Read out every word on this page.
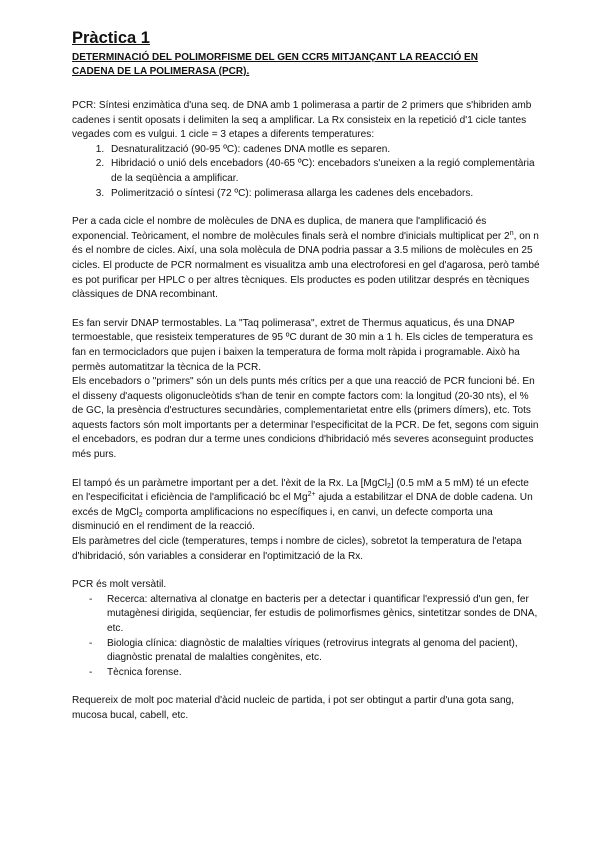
Pràctica 1
DETERMINACIÓ DEL POLIMORFISME DEL GEN CCR5 MITJANÇANT LA REACCIÓ EN
CADENA DE LA POLIMERASA (PCR).

PCR: Síntesi enzimàtica d'una seq. de DNA amb 1 polimerasa a partir de 2 primers que s'hibriden amb cadenes i sentit oposats i delimiten la seq a amplificar. La Rx consisteix en la repetició d'1 cicle tantes vegades com es vulgui. 1 cicle = 3 etapes a diferents temperatures:

1. Desnaturalització (90-95 ºC): cadenes DNA motlle es separen.
2. Hibridació o unió dels encebadors (40-65 ºC): encebadors s'uneixen a la regió complementària de la seqüència a amplificar.
3. Polimerització o síntesi (72 ºC): polimerasa allarga les cadenes dels encebadors.

Per a cada cicle el nombre de molècules de DNA es duplica, de manera que l'amplificació és exponencial. Teòricament, el nombre de molècules finals serà el nombre d'inicials multiplicat per 2$^n$, on n és el nombre de cicles. Així, una sola molècula de DNA podria passar a 3.5 milions de molècules en 25 cicles. El producte de PCR normalment es visualitza amb una electroforesi en gel d'agarosa, però també es pot purificar per HPLC o per altres tècniques. Els productes es poden utilitzar després en tècniques clàssiques de DNA recombinant.

Es fan servir DNAP termostables. La "Taq polimerasa", extret de Thermus aquaticus, és una DNAP termoestable, que resisteix temperatures de 95 ºC durant de 30 min a 1 h. Els cicles de temperatura es fan en termocicladors que pujen i baixen la temperatura de forma molt ràpida i programable. Això ha permès automatitzar la tècnica de la PCR.

Els encebadors o "primers" són un dels punts més crítics per a que una reacció de PCR funcioni bé. En el disseny d'aquests oligonucleòtids s'han de tenir en compte factors com: la longitud (20-30 nts), el % de GC, la presència d'estructures secundàries, complementarietat entre ells (primers dímers), etc. Tots aquests factors són molt importants per a determinar l'especificitat de la PCR. De fet, segons com siguin el encebadors, es podran dur a terme unes condicions d'hibridació més severes aconseguint productes més purs.

El tampó és un paràmetre important per a det. l'èxit de la Rx. La [MgCl$_2$] (0.5 mM a 5 mM) té un efecte en l'especificitat i eficiència de l'amplificació bc el $Mg^{2+}$ ajuda a estabilitzar el DNA de doble cadena. Un excés de MgCl$_2$ comporta amplificacions no específiques i, en canvi, un defecte comporta una disminució en el rendiment de la reacció.

Els paràmetres del cicle (temperatures, temps i nombre de cicles), sobretot la temperatura de l'etapa d'hibridació, són variables a considerar en l'optimització de la Rx.

PCR és molt versàtil.

- Recerca: alternativa al clonatge en bacteris per a detectar i quantificar l'expressió d'un gen, fer mutagènesi dirigida, seqüenciar, fer estudis de polimorfismes gènics, sintetitzar sondes de DNA, etc.
- Biologia clínica: diagnòstic de malalties víriques (retrovirus integrats al genoma del pacient), diagnòstic prenatal de malalties congènites, etc.
- Tècnica forense.

Requereix de molt poc material d'àcid nucleic de partida, i pot ser obtingut a partir d'una gota sang, mucosa bucal, cabell, etc.
